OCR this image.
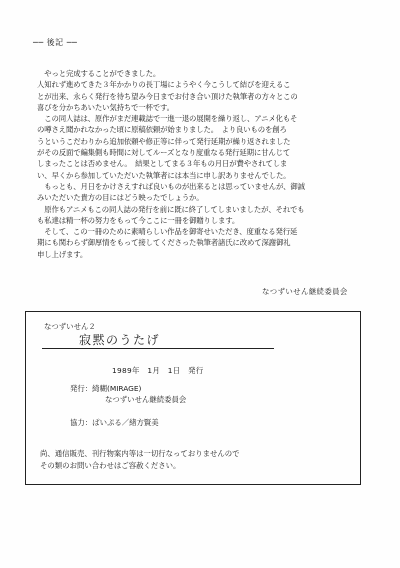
── 後記 ──

　やっと完成することができました。
人知れず進めてきた３年かかりの長丁場にようやく今こうして結びを迎えるこ
とが出来、永らく発行を待ち望み今日までお付き合い頂けた執筆者の方々とこの
喜びを分かちあいたい気持ちで一杯です。

　この同人誌は、原作がまだ連載誌で一進一退の展開を繰り返し、アニメ化もそ
の噂さえ聞かれなかった頃に原稿依頼が始まりました。　より良いものを創ろ
うというこだわりから追加依頼や修正等に伴って発行延期が繰り返されました
がその反面で編集側も時間に対してルーズとなり度重なる発行延期に甘んじて
しまったことは否めません。　結果としてまる３年もの月日が費やされてしま
い、早くから参加していただいた執筆者には本当に申し訳ありませんでした。

　もっとも、月日をかけさえすれば良いものが出来るとは思っていませんが、御誠
みいただいた貴方の目にはどう映ったでしょうか。

　原作もアニメもこの同人誌の発行を前に既に終了してしまいましたが、それでも
も私達は精一杯の努力をもって今ここに一冊を御贈りします。

　そして、この一冊のために素晴らしい作品を御寄せいただき、度重なる発行延
期にも関わらず御厚情をもって接してくださった執筆者諸氏に改めて深謝御礼
申し上げます。

なつずいせん継続委員会
なつずいせん２
寂黙のうたげ
1989年　1月　1日　発行
発行：綺糊(MIRAGE)
なつずいせん継続委員会
協力：ぱいぷる／緒方賢美
尚、通信販売、刊行物案内等は一切行なっておりませんので
その類のお問い合わせはご容赦ください。
